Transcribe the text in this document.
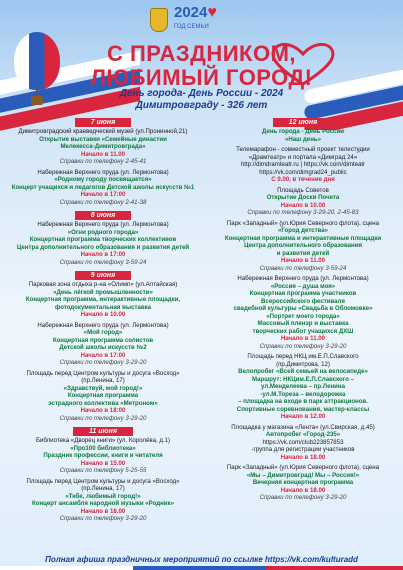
2024♥
ГОД СЕМЬИ
С ПРАЗДНИКОМ,
ЛЮБИМЫЙ ГОРОД!
День города- День России - 2024
Димитровграду - 326 лет
7 июня
Димитровградский краеведческий музей (ул.Пронинной,21)
Открытие выставки «Семейные династии
Мелекесса-Димитровграда»
Начало в 11.00
Справки по телефону 2-45-41
Набережная Верхнего пруда (ул. Лермонтова)
«Родному городу посвящается»
Концерт учащихся и педагогов Детской школы искусств №1
Начало в 17:00
Справки по телефону 2-41-38
8 июня
Набережная Верхнего пруда (ул. Лермонтова)
«Огни родного города»
Концертная программа творческих коллективов
Центра дополнительного образования и развития детей
Начало в 17:00
Справки по телефону 3-59-24
9 июня
Парковая зона отдыха р-на «Олимп» (ул.Алтайская)
«День лёгкой промышленности»
Концертная программа, интерактивные площадки,
фотодокументальная выставка
Начало в 10.00
Набережная Верхнего пруда (ул. Лермонтова)
«Мой город»
Концертная программа солистов
Детской школы искусств №2
Начало в 17:00
Справки по телефону 3-29-20
Площадь перед Центром культуры и досуга «Восход»
(пр.Ленина, 17)
«Здравствуй, мой город!»
Концертная программа
эстрадного коллектива «Метроном»
Начало в 18:00
Справки по телефону 3-29-20
11 июня
Библиотека «Дворец книги» (ул. Королёва, д.1)
«Про100 библиотека»
Праздник профессии, книги и читателя
Начало в 15.00
Справки по телефону 5-25-55
Площадь перед Центром культуры и досуга «Восход»
(пр.Ленина, 17)
«Тебе, любимый город!»
Концерт ансамбля народной музыки «Родник»
Начало в 18.00
Справки по телефону 3-29-20
12 июня
День города - День России
«Наш день»
Телемарафон - совместный проект телестудии
«Драмтеатр» и портала «Димград 24»
http://dimdramteatr.ru | https://vk.com/dimteatr
https://vk.com/dimgrad24_public
С 9.00, в течение дня
Площадь Советов
Открытие Доски Почета
Начало в 10.00
Справки по телефону 3-29-20, 2-45-83
Парк «Западный» (ул.Юрия Северного флота), сцена
«Город детства»
Концертная программа и интерактивные площадки
Центра дополнительного образования
и развития детей
Начало в 11.00
Справки по телефону 3-59-24
Набережная Верхнего пруда (ул. Лермонтова)
«Россия – душа моя»
Концертная программа участников
Всероссийского фестиваля
свадебной культуры «Свадьба в Обломовке»
«Портрет моего города»
Массовый пленэр и выставка
творческих работ учащихся ДХШ
Начало в 11.00
Справки по телефону 3-29-20
Площадь перед НКЦ им.Е.П.Славского
(пр.Димитрова, 12)
Велопробег «Всей семьей на велосипеде»
Маршрут: НКЦим.Е.П.Славского –
ул.Менделеева – пр.Ленина
-ул.М.Тореза – велодорожка
– площадка на входе в парк аттракционов.
Спортивные соревнования, мастер-классы
Начало в 12.00
Площадка у магазина «Лента» (ул.Свирская, д.45)
Автопробег «Город-235»
https://vk.com/club223857853
-группа для регистрации участников
Начало в 18.00
Парк «Западный» (ул.Юрия Северного флота), сцена
«Мы – Димитровград! Мы – Россия!»
Вечерняя концертная программа
Начало в 18.00
Справки по телефону 3-29-20
Полная афиша праздничных мероприятий по ссылке https://vk.com/kulturadd
